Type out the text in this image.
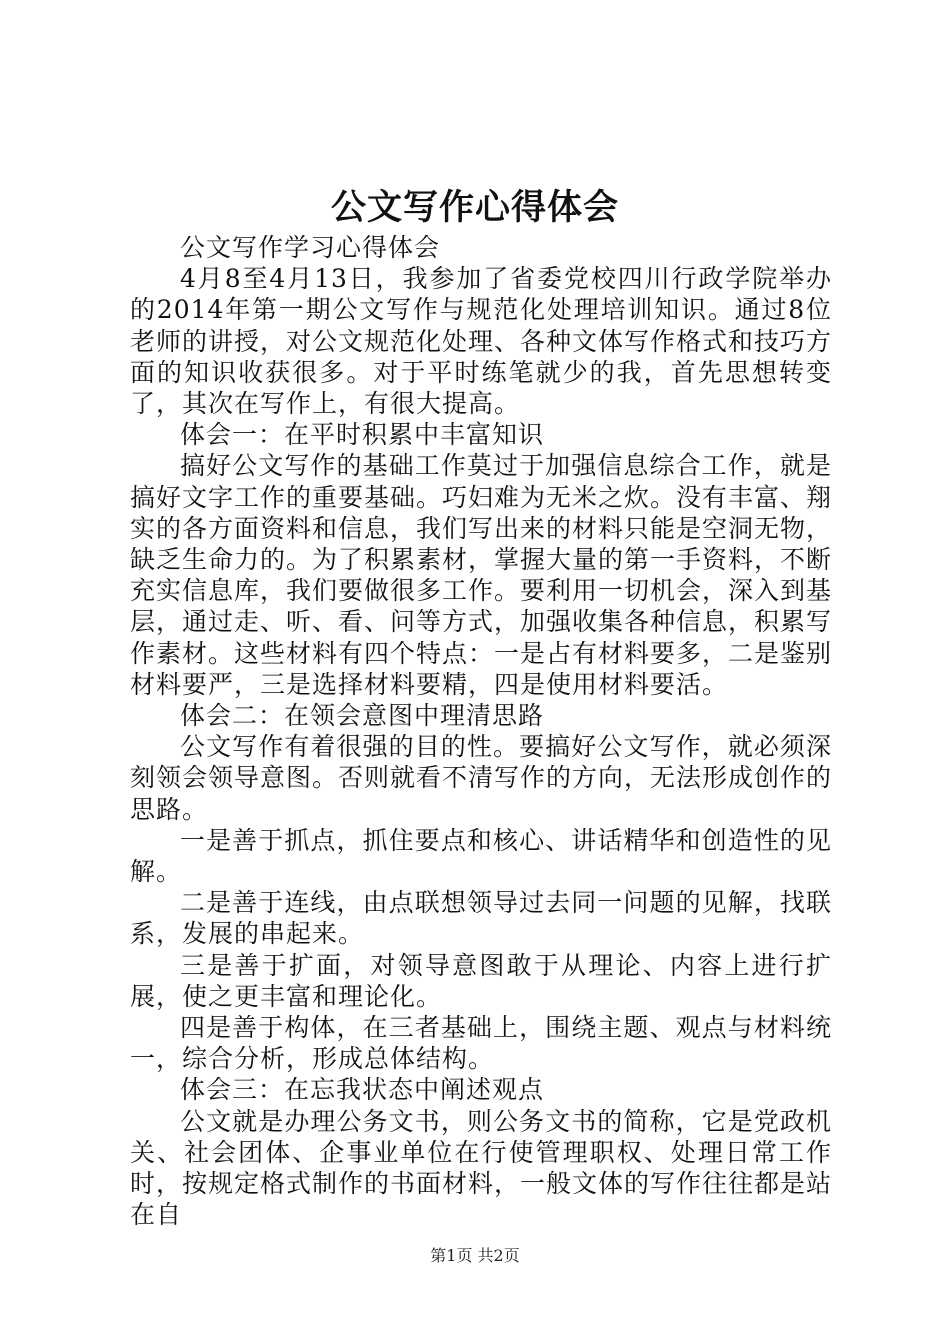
公文写作心得体会

公文写作学习心得体会

4月8至4月13日，我参加了省委党校四川行政学院举办的2014年第一期公文写作与规范化处理培训知识。通过8位老师的讲授，对公文规范化处理、各种文体写作格式和技巧方面的知识收获很多。对于平时练笔就少的我，首先思想转变了，其次在写作上，有很大提高。

体会一：在平时积累中丰富知识

搞好公文写作的基础工作莫过于加强信息综合工作，就是搞好文字工作的重要基础。巧妇难为无米之炊。没有丰富、翔实的各方面资料和信息，我们写出来的材料只能是空洞无物，缺乏生命力的。为了积累素材，掌握大量的第一手资料，不断充实信息库，我们要做很多工作。要利用一切机会，深入到基层，通过走、听、看、问等方式，加强收集各种信息，积累写作素材。这些材料有四个特点：一是占有材料要多，二是鉴别材料要严，三是选择材料要精，四是使用材料要活。

体会二：在领会意图中理清思路

公文写作有着很强的目的性。要搞好公文写作，就必须深刻领会领导意图。否则就看不清写作的方向，无法形成创作的思路。

一是善于抓点，抓住要点和核心、讲话精华和创造性的见解。

二是善于连线，由点联想领导过去同一问题的见解，找联系，发展的串起来。

三是善于扩面，对领导意图敢于从理论、内容上进行扩展，使之更丰富和理论化。

四是善于构体，在三者基础上，围绕主题、观点与材料统一，综合分析，形成总体结构。

体会三：在忘我状态中阐述观点

公文就是办理公务文书，则公务文书的简称，它是党政机关、社会团体、企事业单位在行使管理职权、处理日常工作时，按规定格式制作的书面材料，一般文体的写作往往都是站在自

第1页 共2页
